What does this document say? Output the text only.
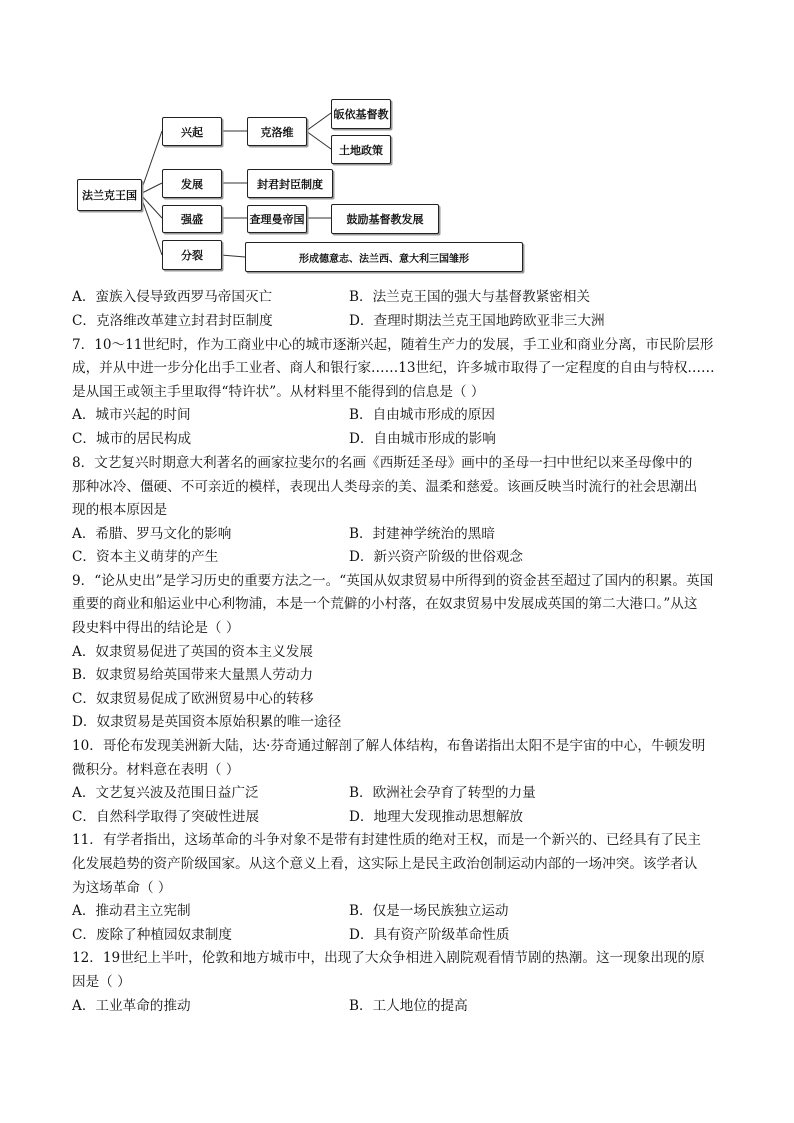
法兰克王国
兴起
发展
强盛
分裂
克洛维
封君封臣制度
查理曼帝国
形成德意志、法兰西、意大利三国雏形
皈依基督教
土地政策
鼓励基督教发展
A．蛮族入侵导致西罗马帝国灭亡	B．法兰克王国的强大与基督教紧密相关
C．克洛维改革建立封君封臣制度	D．查理时期法兰克王国地跨欧亚非三大洲
7．10～11世纪时，作为工商业中心的城市逐渐兴起，随着生产力的发展，手工业和商业分离，市民阶层形
成，并从中进一步分化出手工业者、商人和银行家……13世纪，许多城市取得了一定程度的自由与特权……
是从国王或领主手里取得“特许状”。从材料里不能得到的信息是（ ）
A．城市兴起的时间	B．自由城市形成的原因
C．城市的居民构成	D．自由城市形成的影响
8．文艺复兴时期意大利著名的画家拉斐尔的名画《西斯廷圣母》画中的圣母一扫中世纪以来圣母像中的
那种冰冷、僵硬、不可亲近的模样，表现出人类母亲的美、温柔和慈爱。该画反映当时流行的社会思潮出
现的根本原因是
A．希腊、罗马文化的影响	B．封建神学统治的黑暗
C．资本主义萌芽的产生	D．新兴资产阶级的世俗观念
9．“论从史出”是学习历史的重要方法之一。“英国从奴隶贸易中所得到的资金甚至超过了国内的积累。英国
重要的商业和船运业中心利物浦，本是一个荒僻的小村落，在奴隶贸易中发展成英国的第二大港口。”从这
段史料中得出的结论是（ ）
A．奴隶贸易促进了英国的资本主义发展
B．奴隶贸易给英国带来大量黑人劳动力
C．奴隶贸易促成了欧洲贸易中心的转移
D．奴隶贸易是英国资本原始积累的唯一途径
10．哥伦布发现美洲新大陆，达·芬奇通过解剖了解人体结构，布鲁诺指出太阳不是宇宙的中心，牛顿发明
微积分。材料意在表明（ ）
A．文艺复兴波及范围日益广泛	B．欧洲社会孕育了转型的力量
C．自然科学取得了突破性进展	D．地理大发现推动思想解放
11．有学者指出，这场革命的斗争对象不是带有封建性质的绝对王权，而是一个新兴的、已经具有了民主
化发展趋势的资产阶级国家。从这个意义上看，这实际上是民主政治创制运动内部的一场冲突。该学者认
为这场革命（ ）
A．推动君主立宪制	B．仅是一场民族独立运动
C．废除了种植园奴隶制度	D．具有资产阶级革命性质
12．19世纪上半叶，伦敦和地方城市中，出现了大众争相进入剧院观看情节剧的热潮。这一现象出现的原
因是（ ）
A．工业革命的推动	B．工人地位的提高
